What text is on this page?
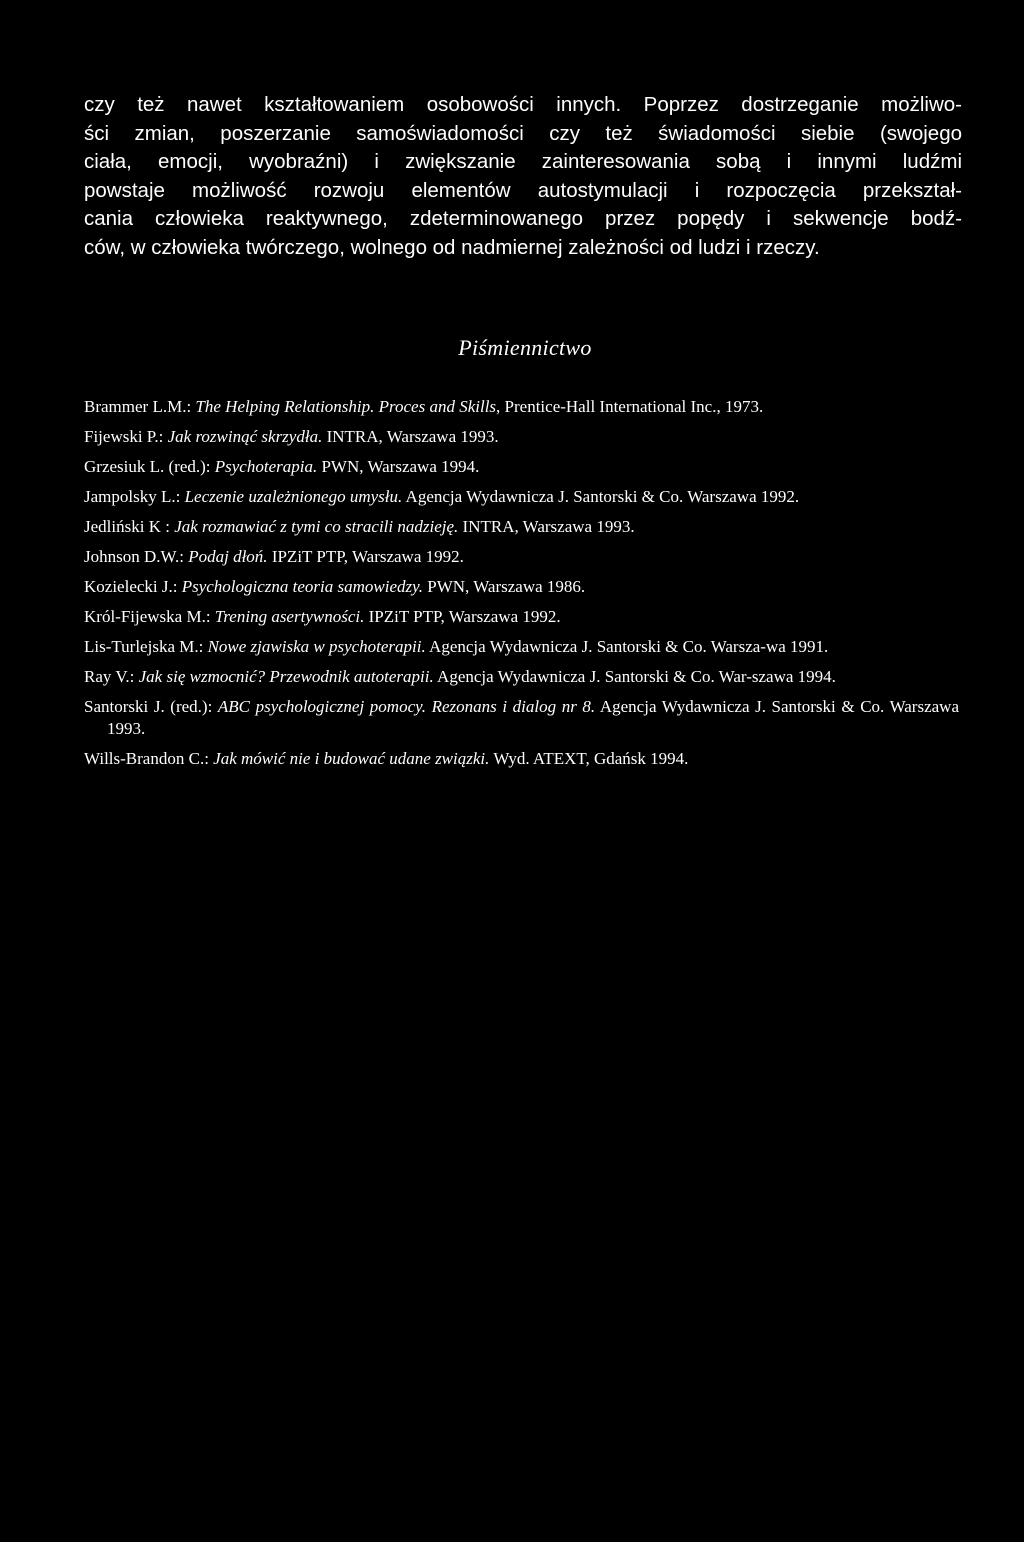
czy też nawet kształtowaniem osobowości innych. Poprzez dostrzeganie możliwo-
ści zmian, poszerzanie samoświadomości czy też świadomości siebie (swojego
ciała, emocji, wyobraźni) i zwiększanie zainteresowania sobą i innymi ludźmi
powstaje możliwość rozwoju elementów autostymulacji i rozpoczęcia przekształ-
cania człowieka reaktywnego, zdeterminowanego przez popędy i sekwencje bodź-
ców, w człowieka twórczego, wolnego od nadmiernej zależności od ludzi i rzeczy.
Piśmiennictwo
Brammer L.M.: The Helping Relationship. Proces and Skills, Prentice-Hall International Inc., 1973.
Fijewski P.: Jak rozwinąć skrzydła. INTRA, Warszawa 1993.
Grzesiuk L. (red.): Psychoterapia. PWN, Warszawa 1994.
Jampolsky L.: Leczenie uzależnionego umysłu. Agencja Wydawnicza J. Santorski & Co. Warszawa 1992.
Jedliński K : Jak rozmawiać z tymi co stracili nadzieję. INTRA, Warszawa 1993.
Johnson D.W.: Podaj dłoń. IPZiT PTP, Warszawa 1992.
Kozielecki J.: Psychologiczna teoria samowiedzy. PWN, Warszawa 1986.
Król-Fijewska M.: Trening asertywności. IPZiT PTP, Warszawa 1992.
Lis-Turlejska M.: Nowe zjawiska w psychoterapii. Agencja Wydawnicza J. Santorski & Co. Warsza-wa 1991.
Ray V.: Jak się wzmocnić? Przewodnik autoterapii. Agencja Wydawnicza J. Santorski & Co. War-szawa 1994.
Santorski J. (red.): ABC psychologicznej pomocy. Rezonans i dialog nr 8. Agencja Wydawnicza J. Santorski & Co. Warszawa 1993.
Wills-Brandon C.: Jak mówić nie i budować udane związki. Wyd. ATEXT, Gdańsk 1994.
